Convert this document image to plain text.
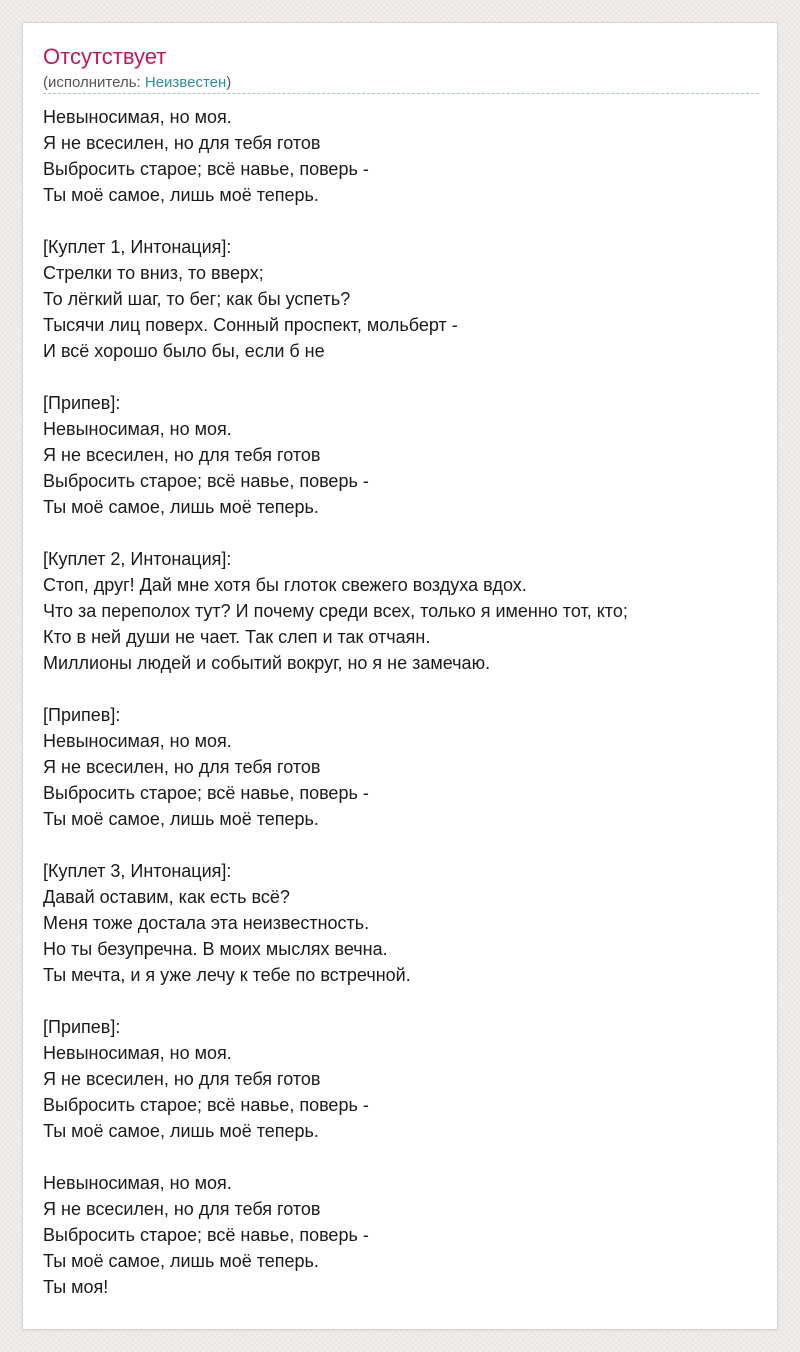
Отсутствует
(исполнитель: Неизвестен)
Невыносимая, но моя.
Я не всесилен, но для тебя готов
Выбросить старое; всё навье, поверь -
Ты моё самое, лишь моё теперь.

[Куплет 1, Интонация]:
Стрелки то вниз, то вверх;
То лёгкий шаг, то бег; как бы успеть?
Тысячи лиц поверх. Сонный проспект, мольберт -
И всё хорошо было бы, если б не

[Припев]:
Невыносимая, но моя.
Я не всесилен, но для тебя готов
Выбросить старое; всё навье, поверь -
Ты моё самое, лишь моё теперь.

[Куплет 2, Интонация]:
Стоп, друг! Дай мне хотя бы глоток свежего воздуха вдох.
Что за переполох тут? И почему среди всех, только я именно тот, кто;
Кто в ней души не чает. Так слеп и так отчаян.
Миллионы людей и событий вокруг, но я не замечаю.

[Припев]:
Невыносимая, но моя.
Я не всесилен, но для тебя готов
Выбросить старое; всё навье, поверь -
Ты моё самое, лишь моё теперь.

[Куплет 3, Интонация]:
Давай оставим, как есть всё?
Меня тоже достала эта неизвестность.
Но ты безупречна. В моих мыслях вечна.
Ты мечта, и я уже лечу к тебе по встречной.

[Припев]:
Невыносимая, но моя.
Я не всесилен, но для тебя готов
Выбросить старое; всё навье, поверь -
Ты моё самое, лишь моё теперь.

Невыносимая, но моя.
Я не всесилен, но для тебя готов
Выбросить старое; всё навье, поверь -
Ты моё самое, лишь моё теперь.
Ты моя!
